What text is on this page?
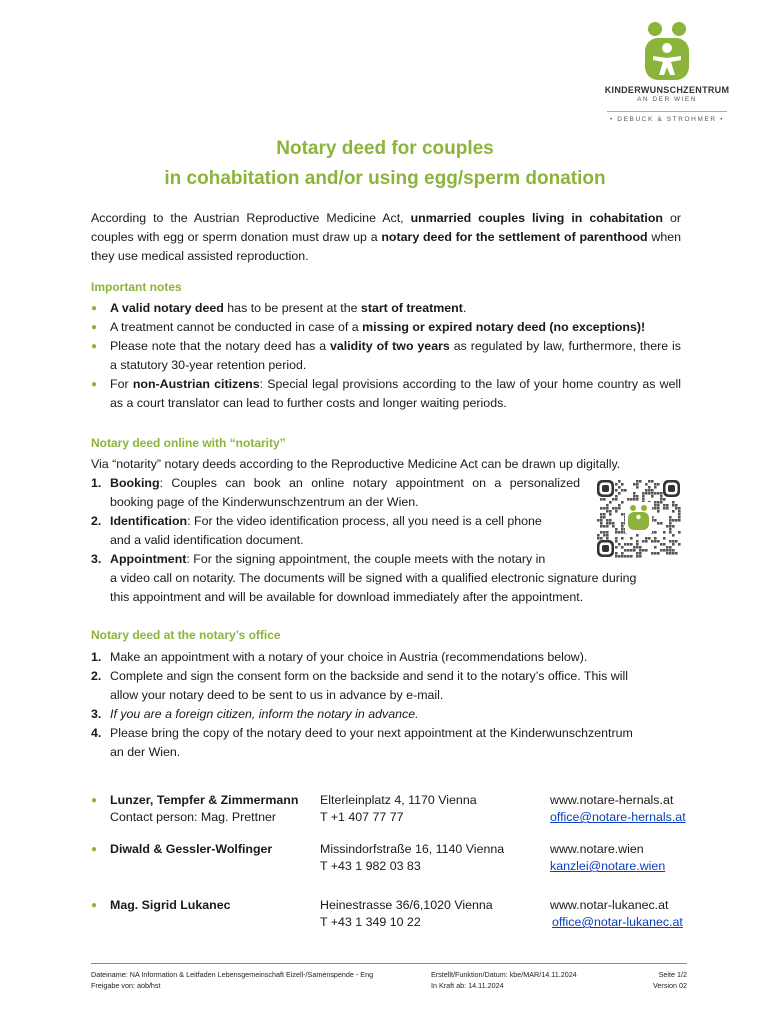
KINDERWUNSCHZENTRUM
AN DER WIEN
• DEBUCK & STROHMER •
Notary deed for couples
in cohabitation and/or using egg/sperm donation
According to the Austrian Reproductive Medicine Act, unmarried couples living in cohabitation or couples with egg or sperm donation must draw up a notary deed for the settlement of parenthood when they use medical assisted reproduction.
Important notes
● A valid notary deed has to be present at the start of treatment.
● A treatment cannot be conducted in case of a missing or expired notary deed (no exceptions)!
● Please note that the notary deed has a validity of two years as regulated by law, furthermore, there is a statutory 30-year retention period.
● For non-Austrian citizens: Special legal provisions according to the law of your home country as well as a court translator can lead to further costs and longer waiting periods.
Notary deed online with “notarity”
Via “notarity” notary deeds according to the Reproductive Medicine Act can be drawn up digitally.
1. Booking: Couples can book an online notary appointment on a personalized
booking page of the Kinderwunschzentrum an der Wien.
2. Identification: For the video identification process, all you need is a cell phone
and a valid identification document.
3. Appointment: For the signing appointment, the couple meets with the notary in
a video call on notarity. The documents will be signed with a qualified electronic signature during
this appointment and will be available for download immediately after the appointment.
Notary deed at the notary’s office
1. Make an appointment with a notary of your choice in Austria (recommendations below).
2. Complete and sign the consent form on the backside and send it to the notary’s office. This will
allow your notary deed to be sent to us in advance by e-mail.
3. If you are a foreign citizen, inform the notary in advance.
4. Please bring the copy of the notary deed to your next appointment at the Kinderwunschzentrum
an der Wien.
● Lunzer, Tempfer & Zimmermann
Contact person: Mag. Prettner
Elterleinplatz 4, 1170 Vienna
T +1 407 77 77
www.notare-hernals.at
office@notare-hernals.at
● Diwald & Gessler-Wolfinger	Missindorfstraße 16, 1140 Vienna
T +43 1 982 03 83
www.notare.wien
kanzlei@notare.wien
● Mag. Sigrid Lukanec	Heinestrasse 36/6,1020 Vienna
T +43 1 349 10 22
www.notar-lukanec.at
office@notar-lukanec.at
Dateiname: NA Information & Leitfaden Lebensgemeinschaft Eizell-/Samenspende - Eng
Freigabe von: aob/hst
Erstellt/Funktion/Datum: kbe/MAR/14.11.2024
In Kraft ab: 14.11.2024
Seite 1/2
Version 02
